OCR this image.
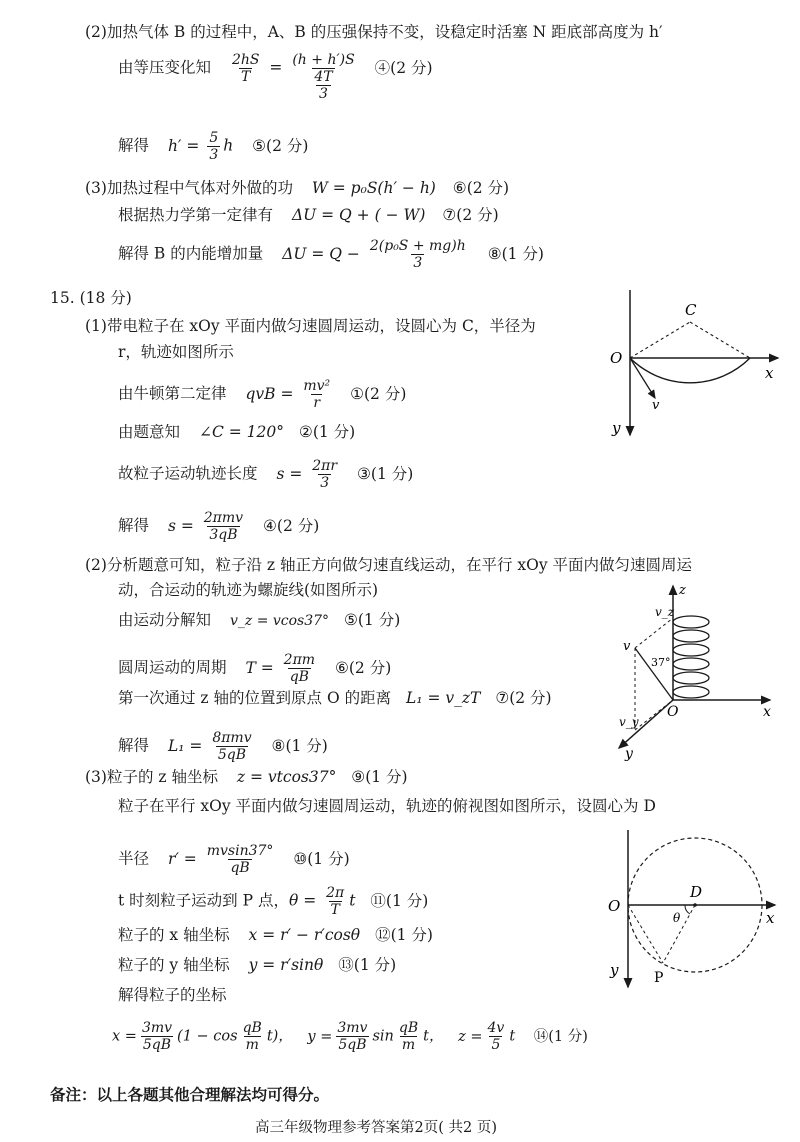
(2)加热气体 B 的过程中，A、B 的压强保持不变，设稳定时活塞 N 距底部高度为 h′
由等压变化知 $\frac{2hS}{T} = (h + h')S$
4T
3 ④(2 分)
解得 $h' = \frac{5}{3}$ h ⑤(2 分)
(3)加热过程中气体对外做的功 W = p₀S(h′ − h) ⑥(2 分)
根据热力学第一定律有 ΔU = Q + ( − W) ⑦(2 分)
解得 B 的内能增加量 $\Delta U = Q - \frac{\text{2(p₀S + mg)h}}{3}$ ⑧(1 分)
15. (18 分)
(1)带电粒子在 xOy 平面内做匀速圆周运动，设圆心为 C，半径为
r，轨迹如图所示
由牛顿第二定律 qvB = $\frac{\text{mv²}}{r}$ ①(2 分)
由题意知 ∠C = 120° ②(1 分)
故粒子运动轨迹长度 $s = \frac{2\pi r}{3}$ ③(1 分)
解得 $s = \frac{\text{2πmv}}{3qB}$ ④(2 分)
(2)分析题意可知，粒子沿 z 轴正方向做匀速直线运动，在平行 xOy 平面内做匀速圆周运
动，合运动的轨迹为螺旋线(如图所示)
由运动分解知 v_z = vcos37° ⑤(1 分)
圆周运动的周期 $T = \frac{2\pi m}{qB}$ ⑥(2 分)
第一次通过 z 轴的位置到原点 O 的距离 L₁ = v_zT ⑦(2 分)
解得 $L_1 = \frac{\text{8πmv}}{5qB}$ ⑧(1 分)
(3)粒子的 z 轴坐标 z = vtcos37° ⑨(1 分)
粒子在平行 xOy 平面内做匀速圆周运动，轨迹的俯视图如图所示，设圆心为 D
半径 $r' = \frac{mvsin37^\circ}{qB}$ ⑩(1 分)
t 时刻粒子运动到 P 点，$\theta = \frac{2\pi}{T}$ t ⑪(1 分)
粒子的 x 轴坐标 x = r′ − r′cosθ ⑫(1 分)
粒子的 y 轴坐标 y = r′sinθ ⑬(1 分)
解得粒子的坐标
$x = \frac{3mv}{5qB} (1 - \cos \frac{qB}{m} t)$， $y = \frac{3mv}{5qB}$ $\sin \frac{qB}{m}$ t， $z = \frac{4v}{5}$ t ⑭(1 分)
备注：以上各题其他合理解法均可得分。
高三年级物理参考答案第2页( 共2 页)
C
O
x
y
v
z
v_z
v
37°
O	x
v_y
y
O
D
θ	x
y	P
